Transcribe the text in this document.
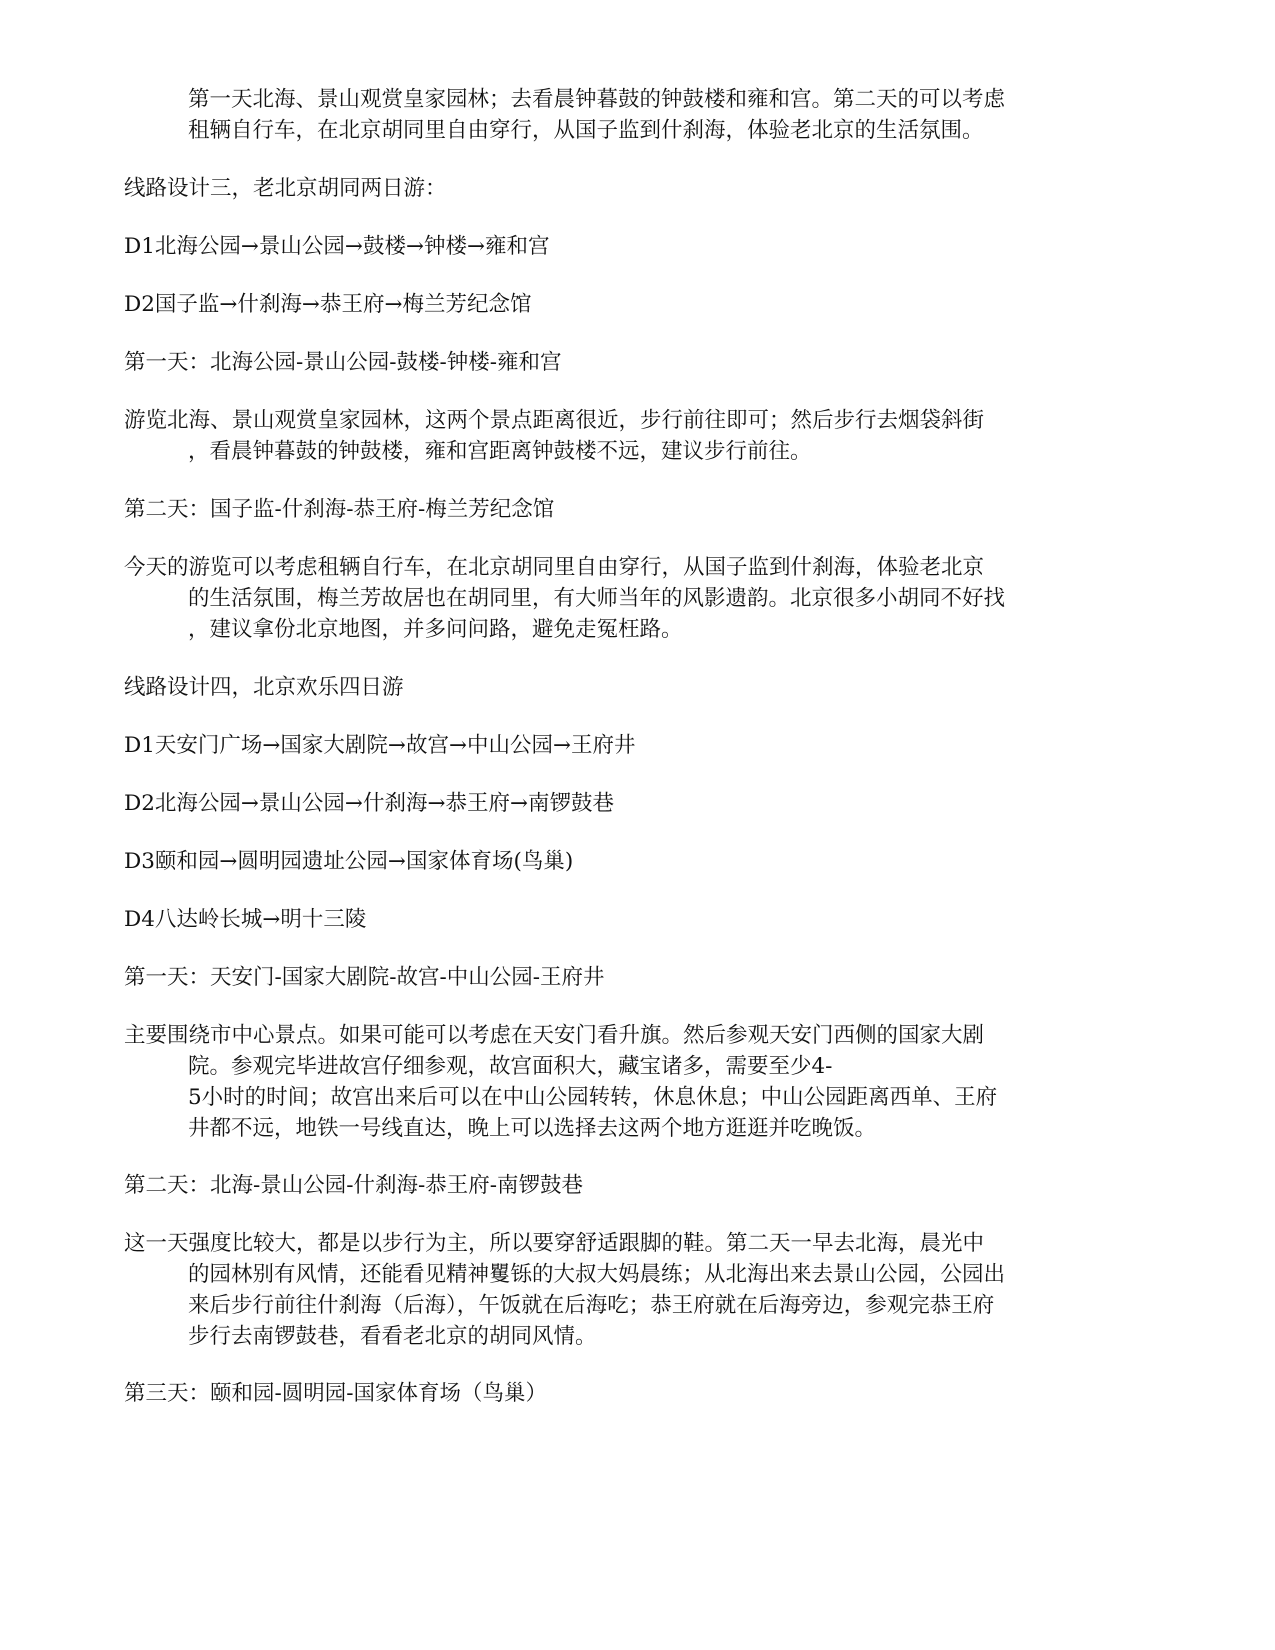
第一天北海、景山观赏皇家园林；去看晨钟暮鼓的钟鼓楼和雍和宫。第二天的可以考虑
租辆自行车，在北京胡同里自由穿行，从国子监到什刹海，体验老北京的生活氛围。

线路设计三，老北京胡同两日游：

D1北海公园→景山公园→鼓楼→钟楼→雍和宫

D2国子监→什刹海→恭王府→梅兰芳纪念馆

第一天：北海公园-景山公园-鼓楼-钟楼-雍和宫

游览北海、景山观赏皇家园林，这两个景点距离很近，步行前往即可；然后步行去烟袋斜街
，看晨钟暮鼓的钟鼓楼，雍和宫距离钟鼓楼不远，建议步行前往。

第二天：国子监-什刹海-恭王府-梅兰芳纪念馆

今天的游览可以考虑租辆自行车，在北京胡同里自由穿行，从国子监到什刹海，体验老北京
的生活氛围，梅兰芳故居也在胡同里，有大师当年的风影遗韵。北京很多小胡同不好找
，建议拿份北京地图，并多问问路，避免走冤枉路。

线路设计四，北京欢乐四日游

D1天安门广场→国家大剧院→故宫→中山公园→王府井

D2北海公园→景山公园→什刹海→恭王府→南锣鼓巷

D3颐和园→圆明园遗址公园→国家体育场(鸟巢)

D4八达岭长城→明十三陵

第一天：天安门-国家大剧院-故宫-中山公园-王府井

主要围绕市中心景点。如果可能可以考虑在天安门看升旗。然后参观天安门西侧的国家大剧
院。参观完毕进故宫仔细参观，故宫面积大，藏宝诸多，需要至少4-
5小时的时间；故宫出来后可以在中山公园转转，休息休息；中山公园距离西单、王府
井都不远，地铁一号线直达，晚上可以选择去这两个地方逛逛并吃晚饭。

第二天：北海-景山公园-什刹海-恭王府-南锣鼓巷

这一天强度比较大，都是以步行为主，所以要穿舒适跟脚的鞋。第二天一早去北海，晨光中
的园林别有风情，还能看见精神矍铄的大叔大妈晨练；从北海出来去景山公园，公园出
来后步行前往什刹海（后海），午饭就在后海吃；恭王府就在后海旁边，参观完恭王府
步行去南锣鼓巷，看看老北京的胡同风情。

第三天：颐和园-圆明园-国家体育场（鸟巢）
